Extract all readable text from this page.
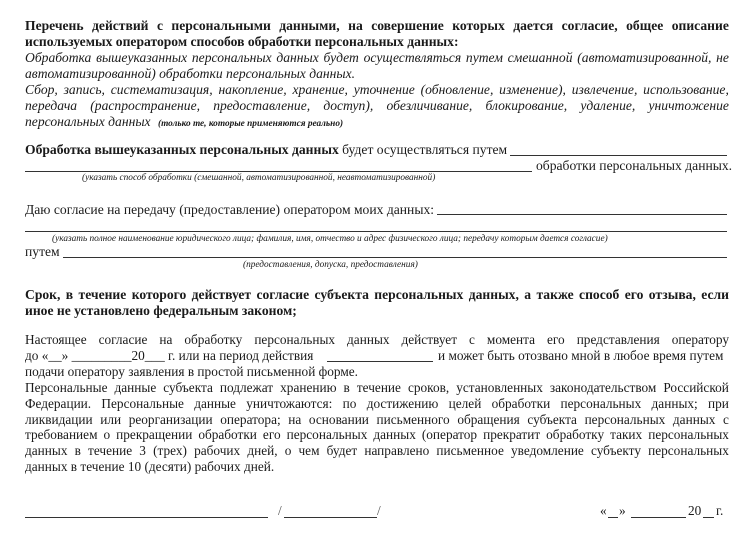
Перечень действий с персональными данными, на совершение которых дается согласие, общее описание
используемых оператором способов обработки персональных данных:
Обработка вышеуказанных персональных данных будет осуществляться путем смешанной (автоматизированной, не
автоматизированной) обработки персональных данных.
Сбор, запись, систематизация, накопление, хранение, уточнение (обновление, изменение), извлечение, использование,
передача (распространение, предоставление, доступ), обезличивание, блокирование, удаление, уничтожение
персональных данных (только те, которые применяются реально)
Обработка вышеуказанных персональных данных будет осуществляться путем
обработки персональных данных.
(указать способ обработки (смешанной, автоматизированной, неавтоматизированной)
Даю согласие на передачу (предоставление) оператором моих данных:
(указать полное наименование юридического лица; фамилия, имя, отчество и адрес физического лица; передачу которым дается согласие)
путем
(предоставления, допуска, предоставления)
Срок, в течение которого действует согласие субъекта персональных данных, а также способ его отзыва, если
иное не установлено федеральным законом;
Настоящее согласие на обработку персональных данных действует с момента его представления оператору
до «__» _________20___ г. или на период действия	и может быть отозвано мной в любое время путем
подачи оператору заявления в простой письменной форме.
Персональные данные субъекта подлежат хранению в течение сроков, установленных законодательством Российской
Федерации. Персональные данные уничтожаются: по достижению целей обработки персональных данных; при
ликвидации или реорганизации оператора; на основании письменного обращения субъекта персональных данных с
требованием о прекращении обработки его персональных данных (оператор прекратит обработку таких персональных
данных в течение 3 (трех) рабочих дней, о чем будет направлено письменное уведомление субъекту персональных
данных в течение 10 (десяти) рабочих дней.
/	/	« »	20 г.
